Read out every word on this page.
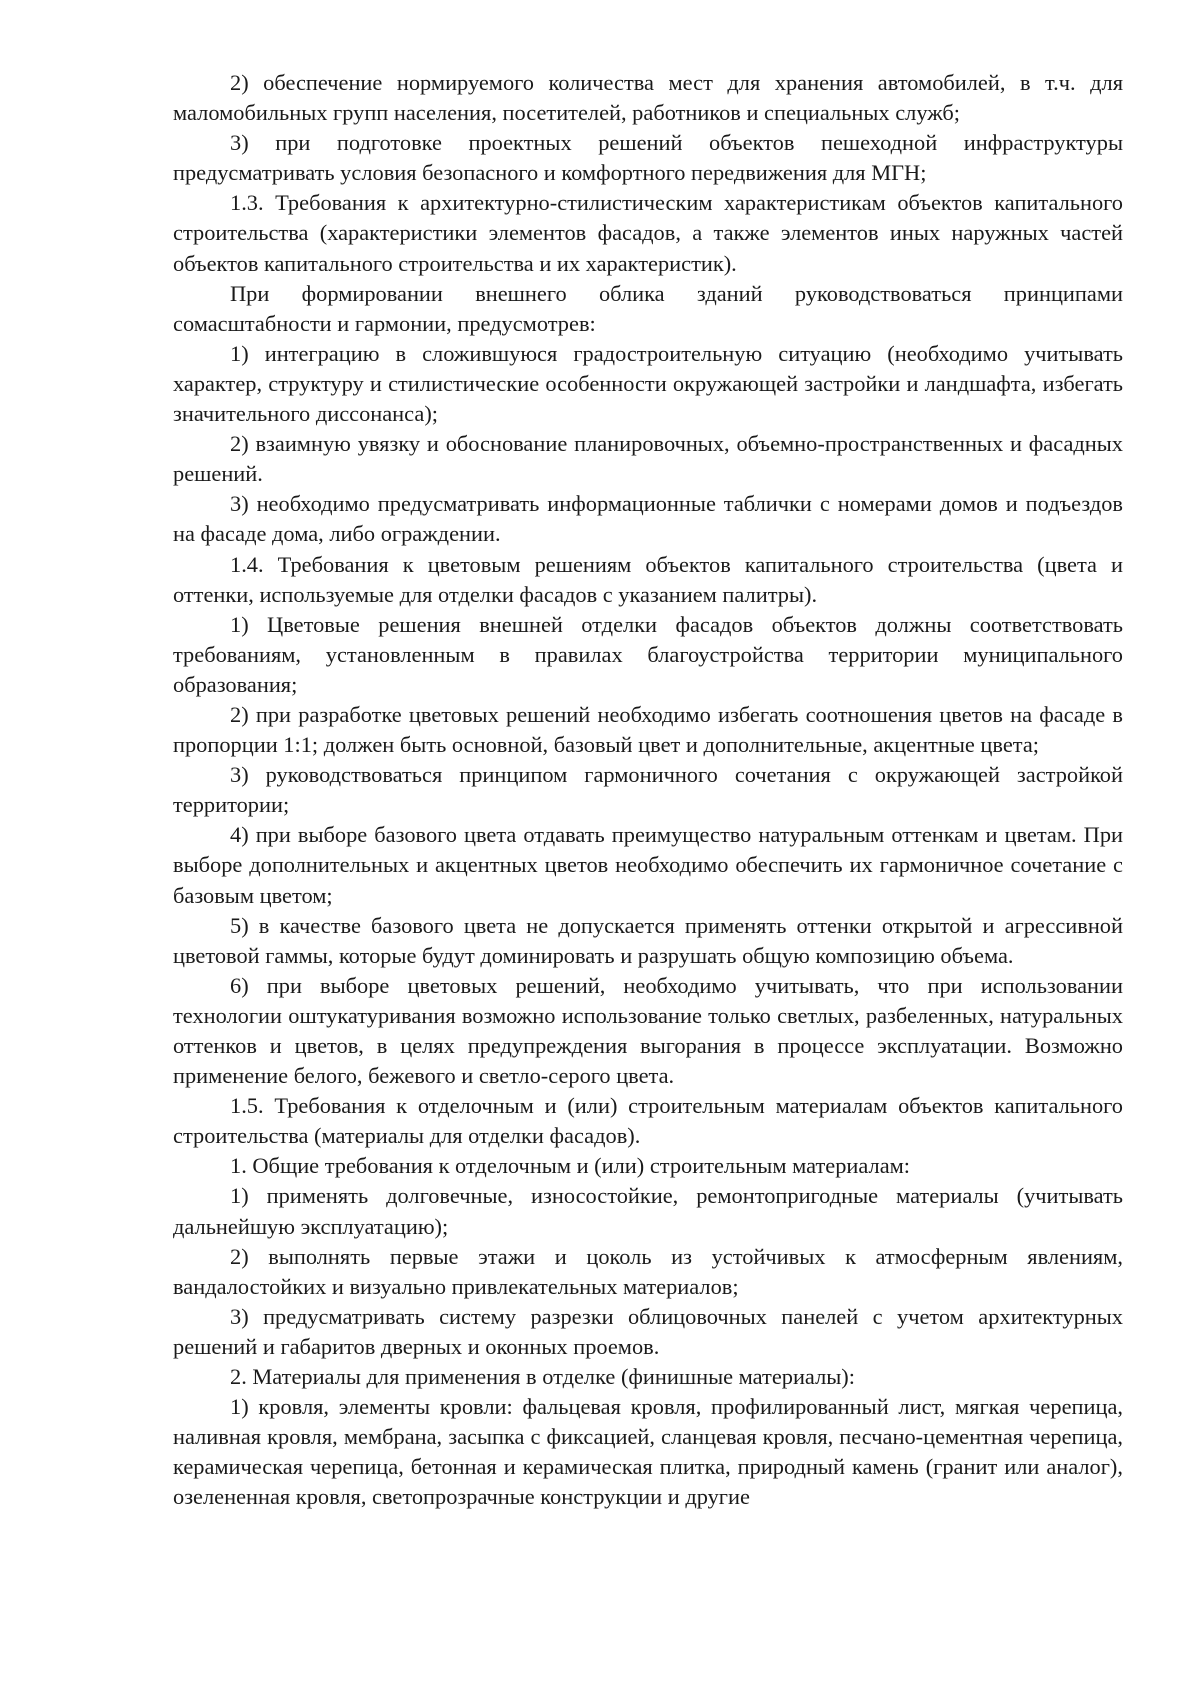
2) обеспечение нормируемого количества мест для хранения автомобилей, в т.ч. для маломобильных групп населения, посетителей, работников и специальных служб;

3) при подготовке проектных решений объектов пешеходной инфраструктуры предусматривать условия безопасного и комфортного передвижения для МГН;

1.3. Требования к архитектурно-стилистическим характеристикам объектов капитального строительства (характеристики элементов фасадов, а также элементов иных наружных частей объектов капитального строительства и их характеристик).

При формировании внешнего облика зданий руководствоваться принципами сомасштабности и гармонии, предусмотрев:

1) интеграцию в сложившуюся градостроительную ситуацию (необходимо учитывать характер, структуру и стилистические особенности окружающей застройки и ландшафта, избегать значительного диссонанса);

2) взаимную увязку и обоснование планировочных, объемно-пространственных и фасадных решений.

3) необходимо предусматривать информационные таблички с номерами домов и подъездов на фасаде дома, либо ограждении.

1.4. Требования к цветовым решениям объектов капитального строительства (цвета и оттенки, используемые для отделки фасадов с указанием палитры).

1) Цветовые решения внешней отделки фасадов объектов должны соответствовать требованиям, установленным в правилах благоустройства территории муниципального образования;

2) при разработке цветовых решений необходимо избегать соотношения цветов на фасаде в пропорции 1:1; должен быть основной, базовый цвет и дополнительные, акцентные цвета;

3) руководствоваться принципом гармоничного сочетания с окружающей застройкой территории;

4) при выборе базового цвета отдавать преимущество натуральным оттенкам и цветам. При выборе дополнительных и акцентных цветов необходимо обеспечить их гармоничное сочетание с базовым цветом;

5) в качестве базового цвета не допускается применять оттенки открытой и агрессивной цветовой гаммы, которые будут доминировать и разрушать общую композицию объема.

6) при выборе цветовых решений, необходимо учитывать, что при использовании технологии оштукатуривания возможно использование только светлых, разбеленных, натуральных оттенков и цветов, в целях предупреждения выгорания в процессе эксплуатации. Возможно применение белого, бежевого и светло-серого цвета.

1.5. Требования к отделочным и (или) строительным материалам объектов капитального строительства (материалы для отделки фасадов).

1. Общие требования к отделочным и (или) строительным материалам:

1) применять долговечные, износостойкие, ремонтопригодные материалы (учитывать дальнейшую эксплуатацию);

2) выполнять первые этажи и цоколь из устойчивых к атмосферным явлениям, вандалостойких и визуально привлекательных материалов;

3) предусматривать систему разрезки облицовочных панелей с учетом архитектурных решений и габаритов дверных и оконных проемов.

2. Материалы для применения в отделке (финишные материалы):

1) кровля, элементы кровли: фальцевая кровля, профилированный лист, мягкая черепица, наливная кровля, мембрана, засыпка с фиксацией, сланцевая кровля, песчано-цементная черепица, керамическая черепица, бетонная и керамическая плитка, природный камень (гранит или аналог), озелененная кровля, светопрозрачные конструкции и другие
